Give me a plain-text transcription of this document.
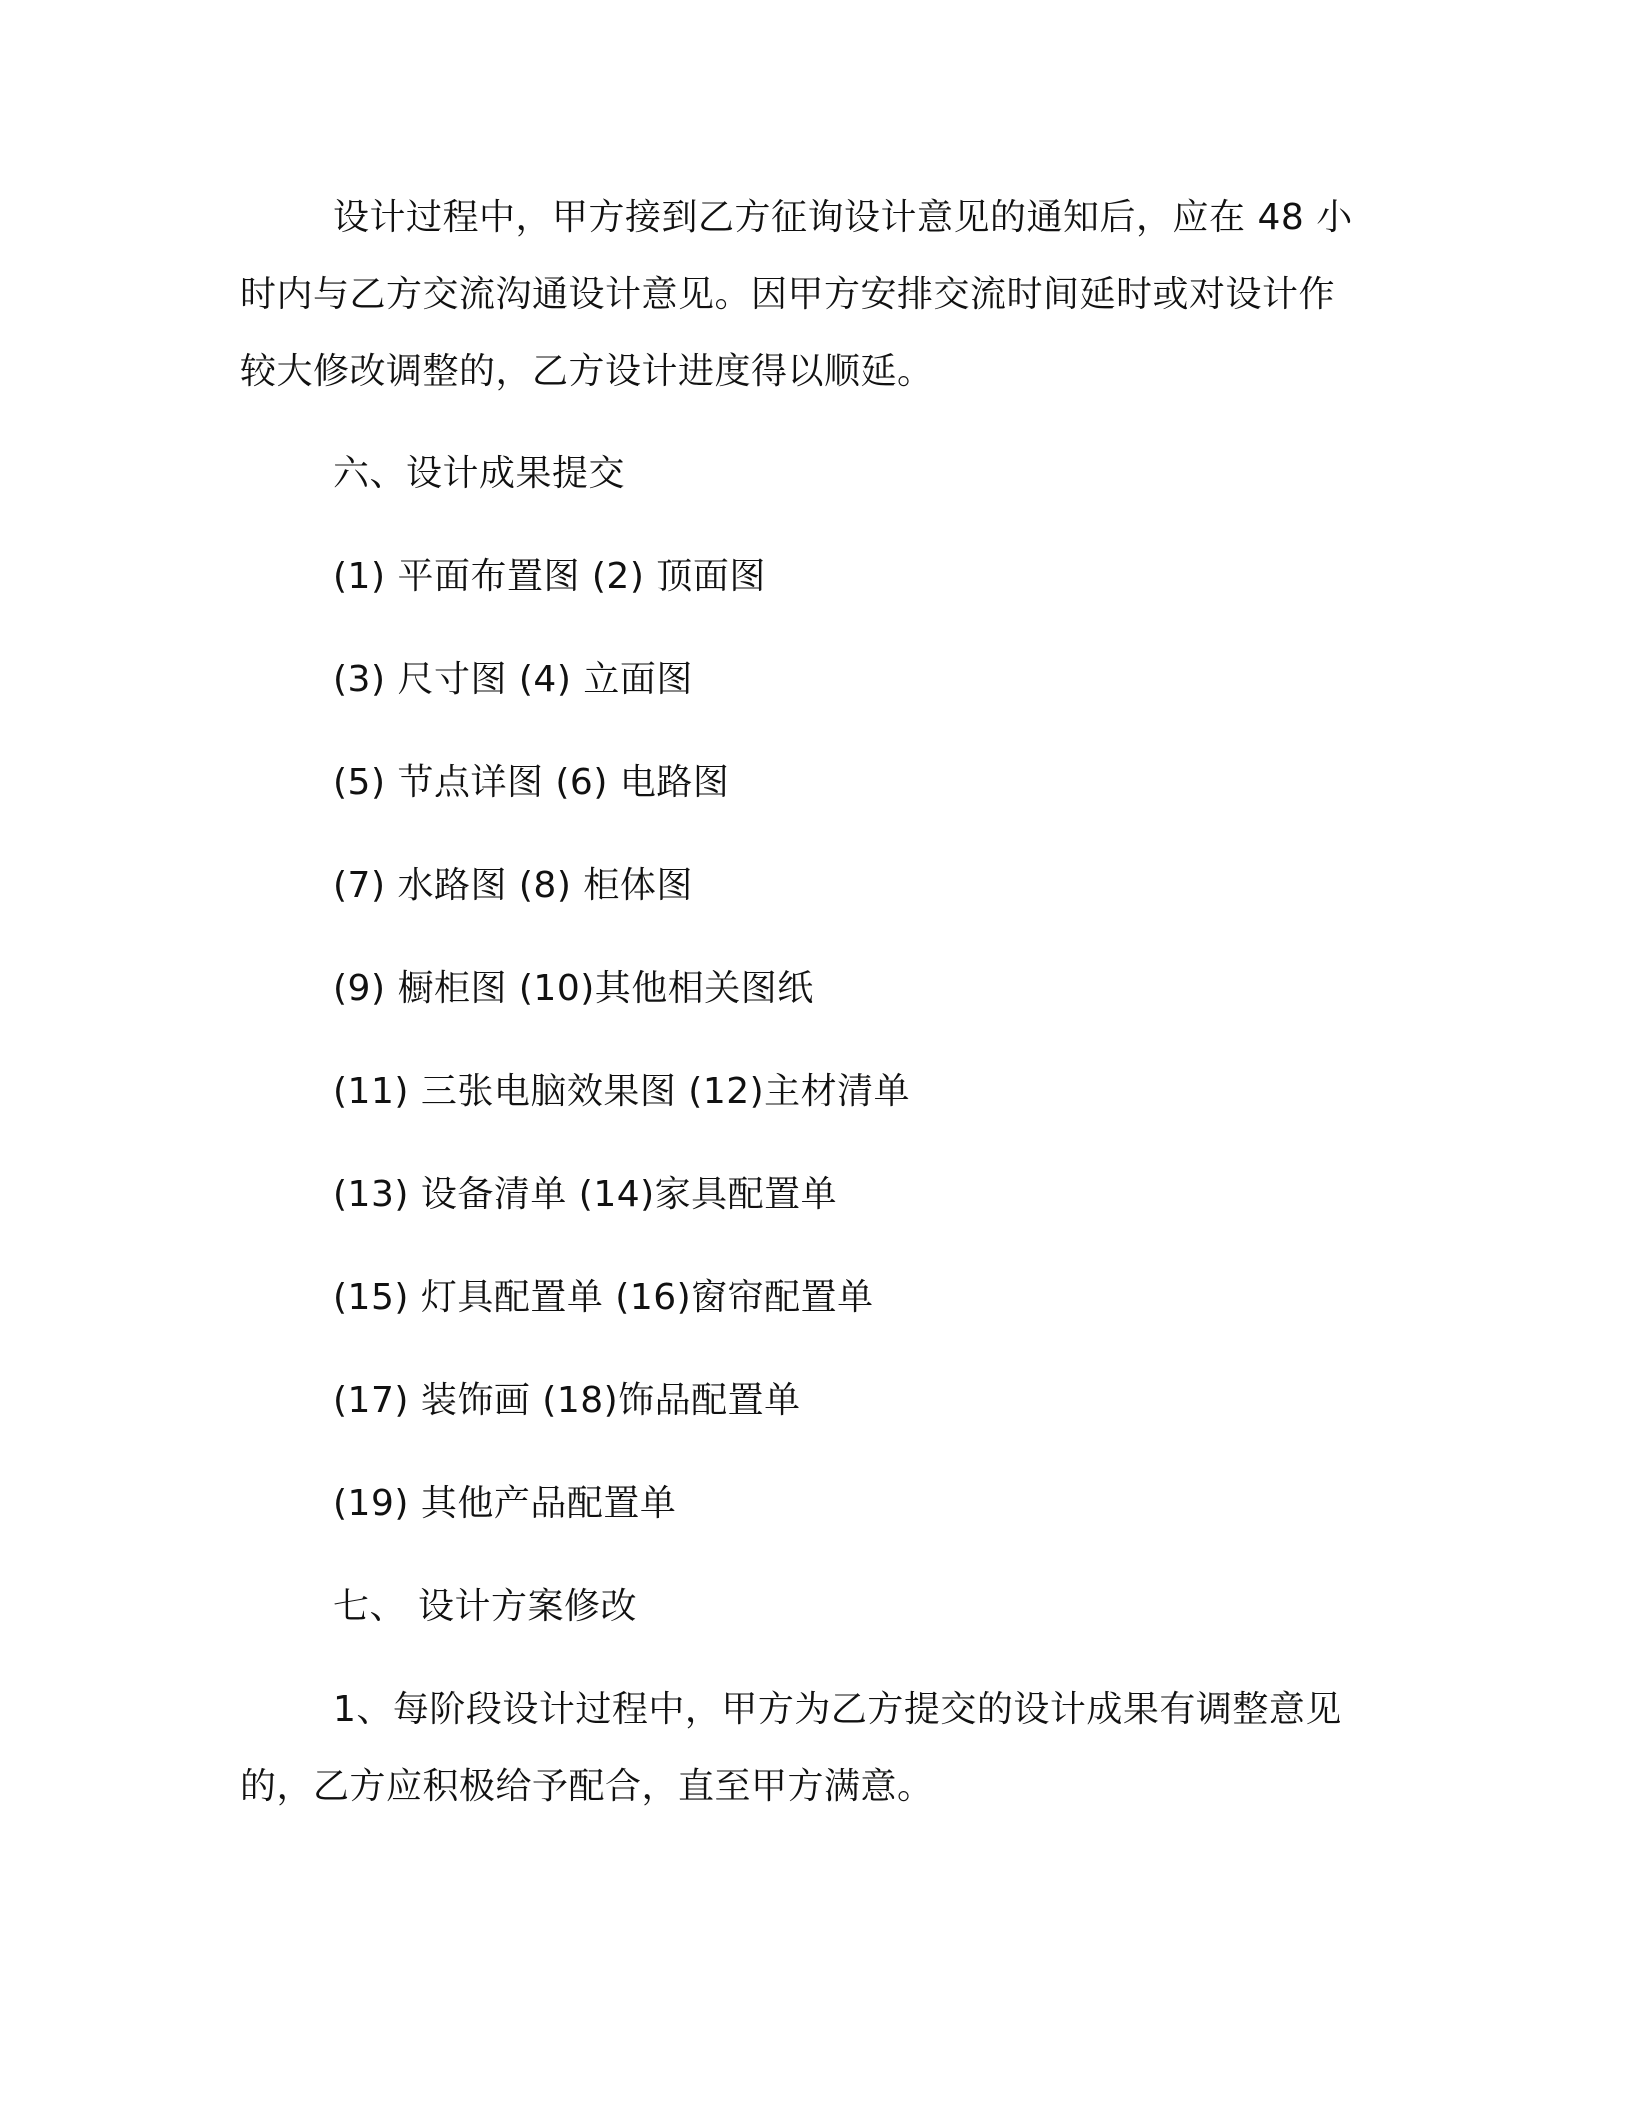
设计过程中，甲方接到乙方征询设计意见的通知后，应在 48 小
时内与乙方交流沟通设计意见。因甲方安排交流时间延时或对设计作
较大修改调整的，乙方设计进度得以顺延。
六、设计成果提交
(1) 平面布置图 (2) 顶面图
(3) 尺寸图 (4) 立面图
(5) 节点详图 (6) 电路图
(7) 水路图 (8) 柜体图
(9) 橱柜图 (10)其他相关图纸
(11) 三张电脑效果图 (12)主材清单
(13) 设备清单 (14)家具配置单
(15) 灯具配置单 (16)窗帘配置单
(17) 装饰画 (18)饰品配置单
(19) 其他产品配置单
七、 设计方案修改
1、每阶段设计过程中，甲方为乙方提交的设计成果有调整意见
的，乙方应积极给予配合，直至甲方满意。
